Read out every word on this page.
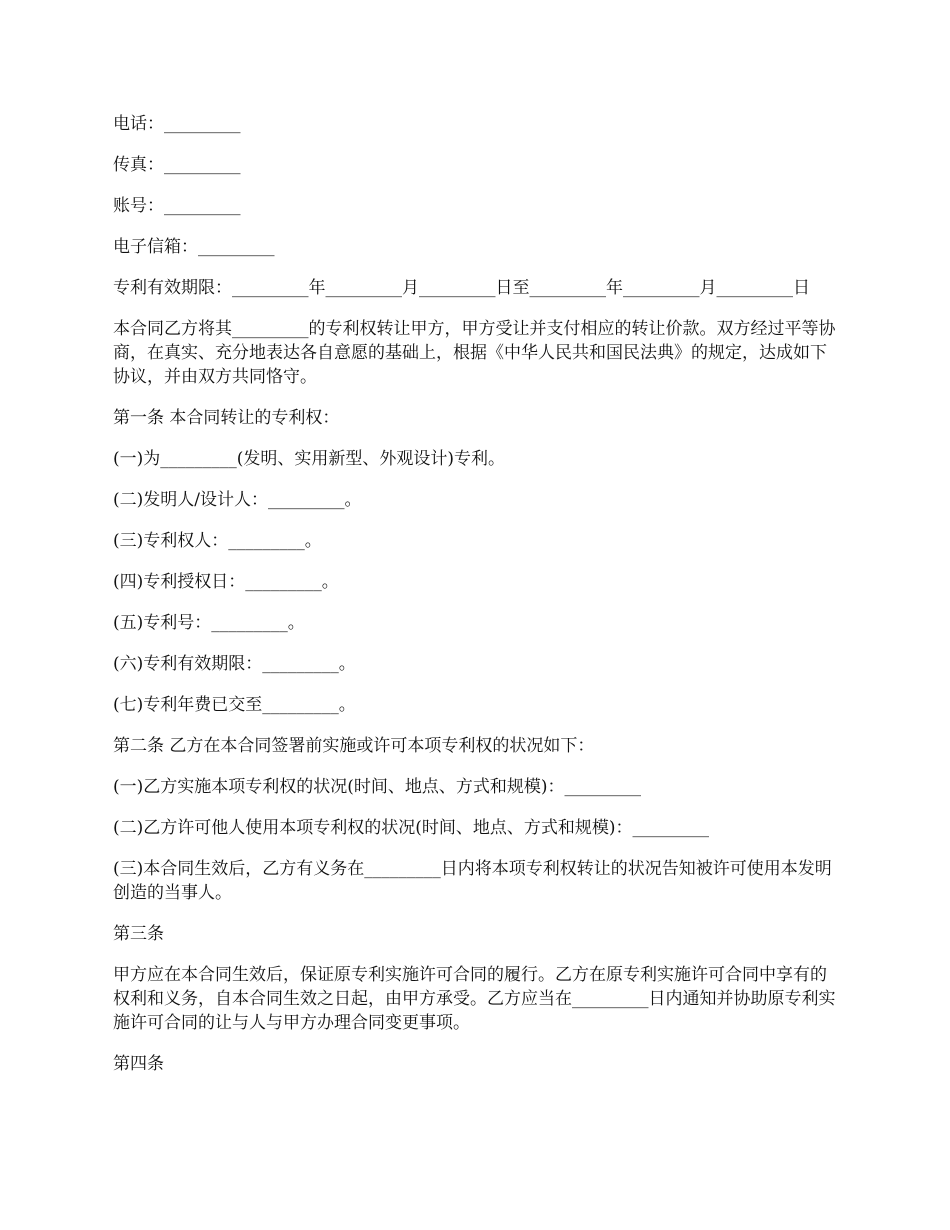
电话：_________

传真：_________

账号：_________

电子信箱：_________

专利有效期限：_________年_________月_________日至_________年_________月_________日

本合同乙方将其_________的专利权转让甲方，甲方受让并支付相应的转让价款。双方经过平等协商，在真实、充分地表达各自意愿的基础上，根据《中华人民共和国民法典》的规定，达成如下协议，并由双方共同恪守。

第一条 本合同转让的专利权：

(一)为_________(发明、实用新型、外观设计)专利。

(二)发明人/设计人：_________。

(三)专利权人：_________。

(四)专利授权日：_________。

(五)专利号：_________。

(六)专利有效期限：_________。

(七)专利年费已交至_________。

第二条 乙方在本合同签署前实施或许可本项专利权的状况如下：

(一)乙方实施本项专利权的状况(时间、地点、方式和规模)：_________

(二)乙方许可他人使用本项专利权的状况(时间、地点、方式和规模)：_________

(三)本合同生效后，乙方有义务在_________日内将本项专利权转让的状况告知被许可使用本发明创造的当事人。

第三条

甲方应在本合同生效后，保证原专利实施许可合同的履行。乙方在原专利实施许可合同中享有的权利和义务，自本合同生效之日起，由甲方承受。乙方应当在_________日内通知并协助原专利实施许可合同的让与人与甲方办理合同变更事项。

第四条
